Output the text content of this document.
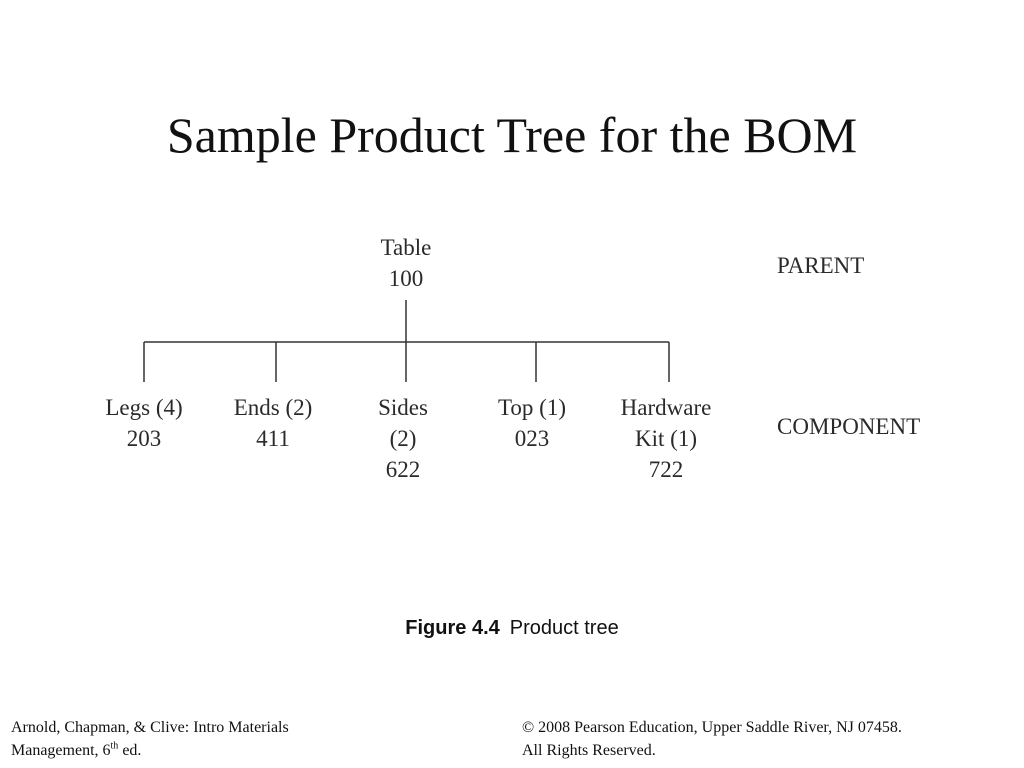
Sample Product Tree for the BOM
Table
100
Legs (4)
203
Ends (2)
411
Sides
(2)
622
Top (1)
023
Hardware
Kit (1)
722
PARENT
COMPONENT
Figure 4.4 Product tree
Arnold, Chapman, & Clive: Intro Materials
Management, 6th ed.
© 2008 Pearson Education, Upper Saddle River, NJ 07458.
All Rights Reserved.
